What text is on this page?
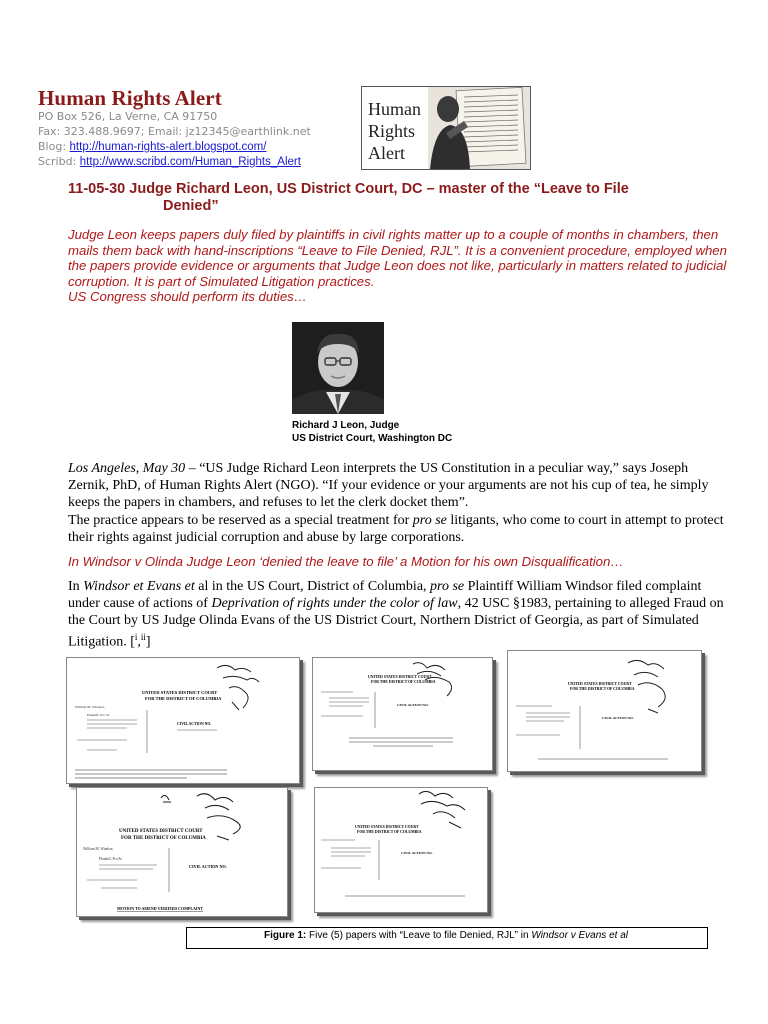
Human Rights Alert
PO Box 526, La Verne, CA 91750
Fax: 323.488.9697; Email: jz12345@earthlink.net
Blog: http://human-rights-alert.blogspot.com/
Scribd: http://www.scribd.com/Human_Rights_Alert
Human
Rights
Alert
11-05-30 Judge Richard Leon, US District Court, DC – master of the “Leave to File
Denied”

Judge Leon keeps papers duly filed by plaintiffs in civil rights matter up to a couple of months in chambers, then mails them back with hand-inscriptions “Leave to File Denied, RJL”. It is a convenient procedure, employed when the papers provide evidence or arguments that Judge Leon does not like, particularly in matters related to judicial corruption. It is part of Simulated Litigation practices.

US Congress should perform its duties…

Richard J Leon, Judge
US District Court, Washington DC

Los Angeles, May 30 – “US Judge Richard Leon interprets the US Constitution in a peculiar way,” says Joseph Zernik, PhD, of Human Rights Alert (NGO). “If your evidence or your arguments are not his cup of tea, he simply keeps the papers in chambers, and refuses to let the clerk docket them”.

The practice appears to be reserved as a special treatment for pro se litigants, who come to court in attempt to protect their rights against judicial corruption and abuse by large corporations.

In Windsor v Olinda Judge Leon ‘denied the leave to file’ a Motion for his own Disqualification…

In Windsor et Evans et al in the US Court, District of Columbia, pro se Plaintiff William Windsor filed complaint under cause of actions of Deprivation of rights under the color of law, 42 USC §1983, pertaining to alleged Fraud on the Court by US Judge Olinda Evans of the US District Court, Northern District of Georgia, as part of Simulated Litigation. [$^i$,$^{ii}$]

UNITED STATES DISTRICT COURT
FOR THE DISTRICT OF COLUMBIA
William M. Windsor,
Plaintiff, Pro Se
CIVIL ACTION NO.
UNITED STATES DISTRICT COURT
FOR THE DISTRICT OF COLUMBIA
CIVIL ACTION NO.
UNITED STATES DISTRICT COURT
FOR THE DISTRICT OF COLUMBIA
CIVIL ACTION NO.
UNITED STATES DISTRICT COURT
FOR THE DISTRICT OF COLUMBIA
William M. Windsor,
Plaintiff, Pro Se
CIVIL ACTION NO.
MOTION TO AMEND VERIFIED COMPLAINT
UNITED STATES DISTRICT COURT
FOR THE DISTRICT OF COLUMBIA
CIVIL ACTION NO.
Figure 1: Five (5) papers with “Leave to file Denied, RJL” in Windsor v Evans et al
